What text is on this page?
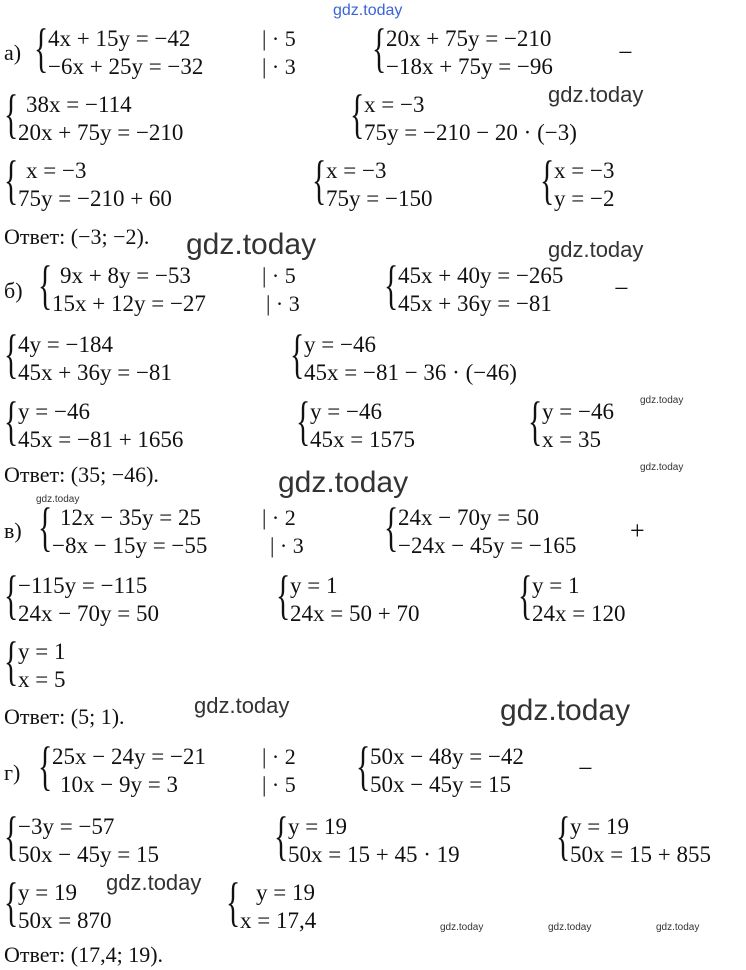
gdz.today
gdz.today
gdz.today	gdz.today
gdz.today
gdz.today
gdz.today
gdz.today
gdz.today	gdz.today
gdz.today
gdz.today	gdz.today	gdz.today
а) { 4x + 15y = −42
−6x + 25y = −32
| · 5
| · 3 { 20x + 75y = −210
−18x + 75y = −96	−
{ 38x = −114
20x + 75y = −210	{ x = −3
75y = −210 − 20 · (−3)
{ x = −3
75y = −210 + 60	{ x = −3
75y = −150 { x = −3
y = −2
Ответ: (−3; −2).
б) { 9x + 8y = −53
15x + 12y = −27
| · 5
| · 3 { 45x + 40y = −265
45x + 36y = −81
−
{ 4y = −184
45x + 36y = −81 { y = −46
45x = −81 − 36 · (−46)
{ y = −46
45x = −81 + 1656 { y = −46
45x = 1575 { y = −46
x = 35
Ответ: (35; −46).
в) { 12x − 35y = 25
−8x − 15y = −55
| · 2
| · 3 { 24x − 70y = 50
−24x − 45y = −165
+
{ −115y = −115
24x − 70y = 50 { y = 1
24x = 50 + 70 { y = 1
24x = 120
{ y = 1
x = 5
Ответ: (5; 1).
г) { 25x − 24y = −21
10x − 9y = 3
| · 2
| · 5 { 50x − 48y = −42
50x − 45y = 15
−
{ −3y = −57
50x − 45y = 15 { y = 19
50x = 15 + 45 · 19 { y = 19
50x = 15 + 855
{ y = 19
50x = 870 { y = 19
x = 17,4
Ответ: (17,4; 19).
